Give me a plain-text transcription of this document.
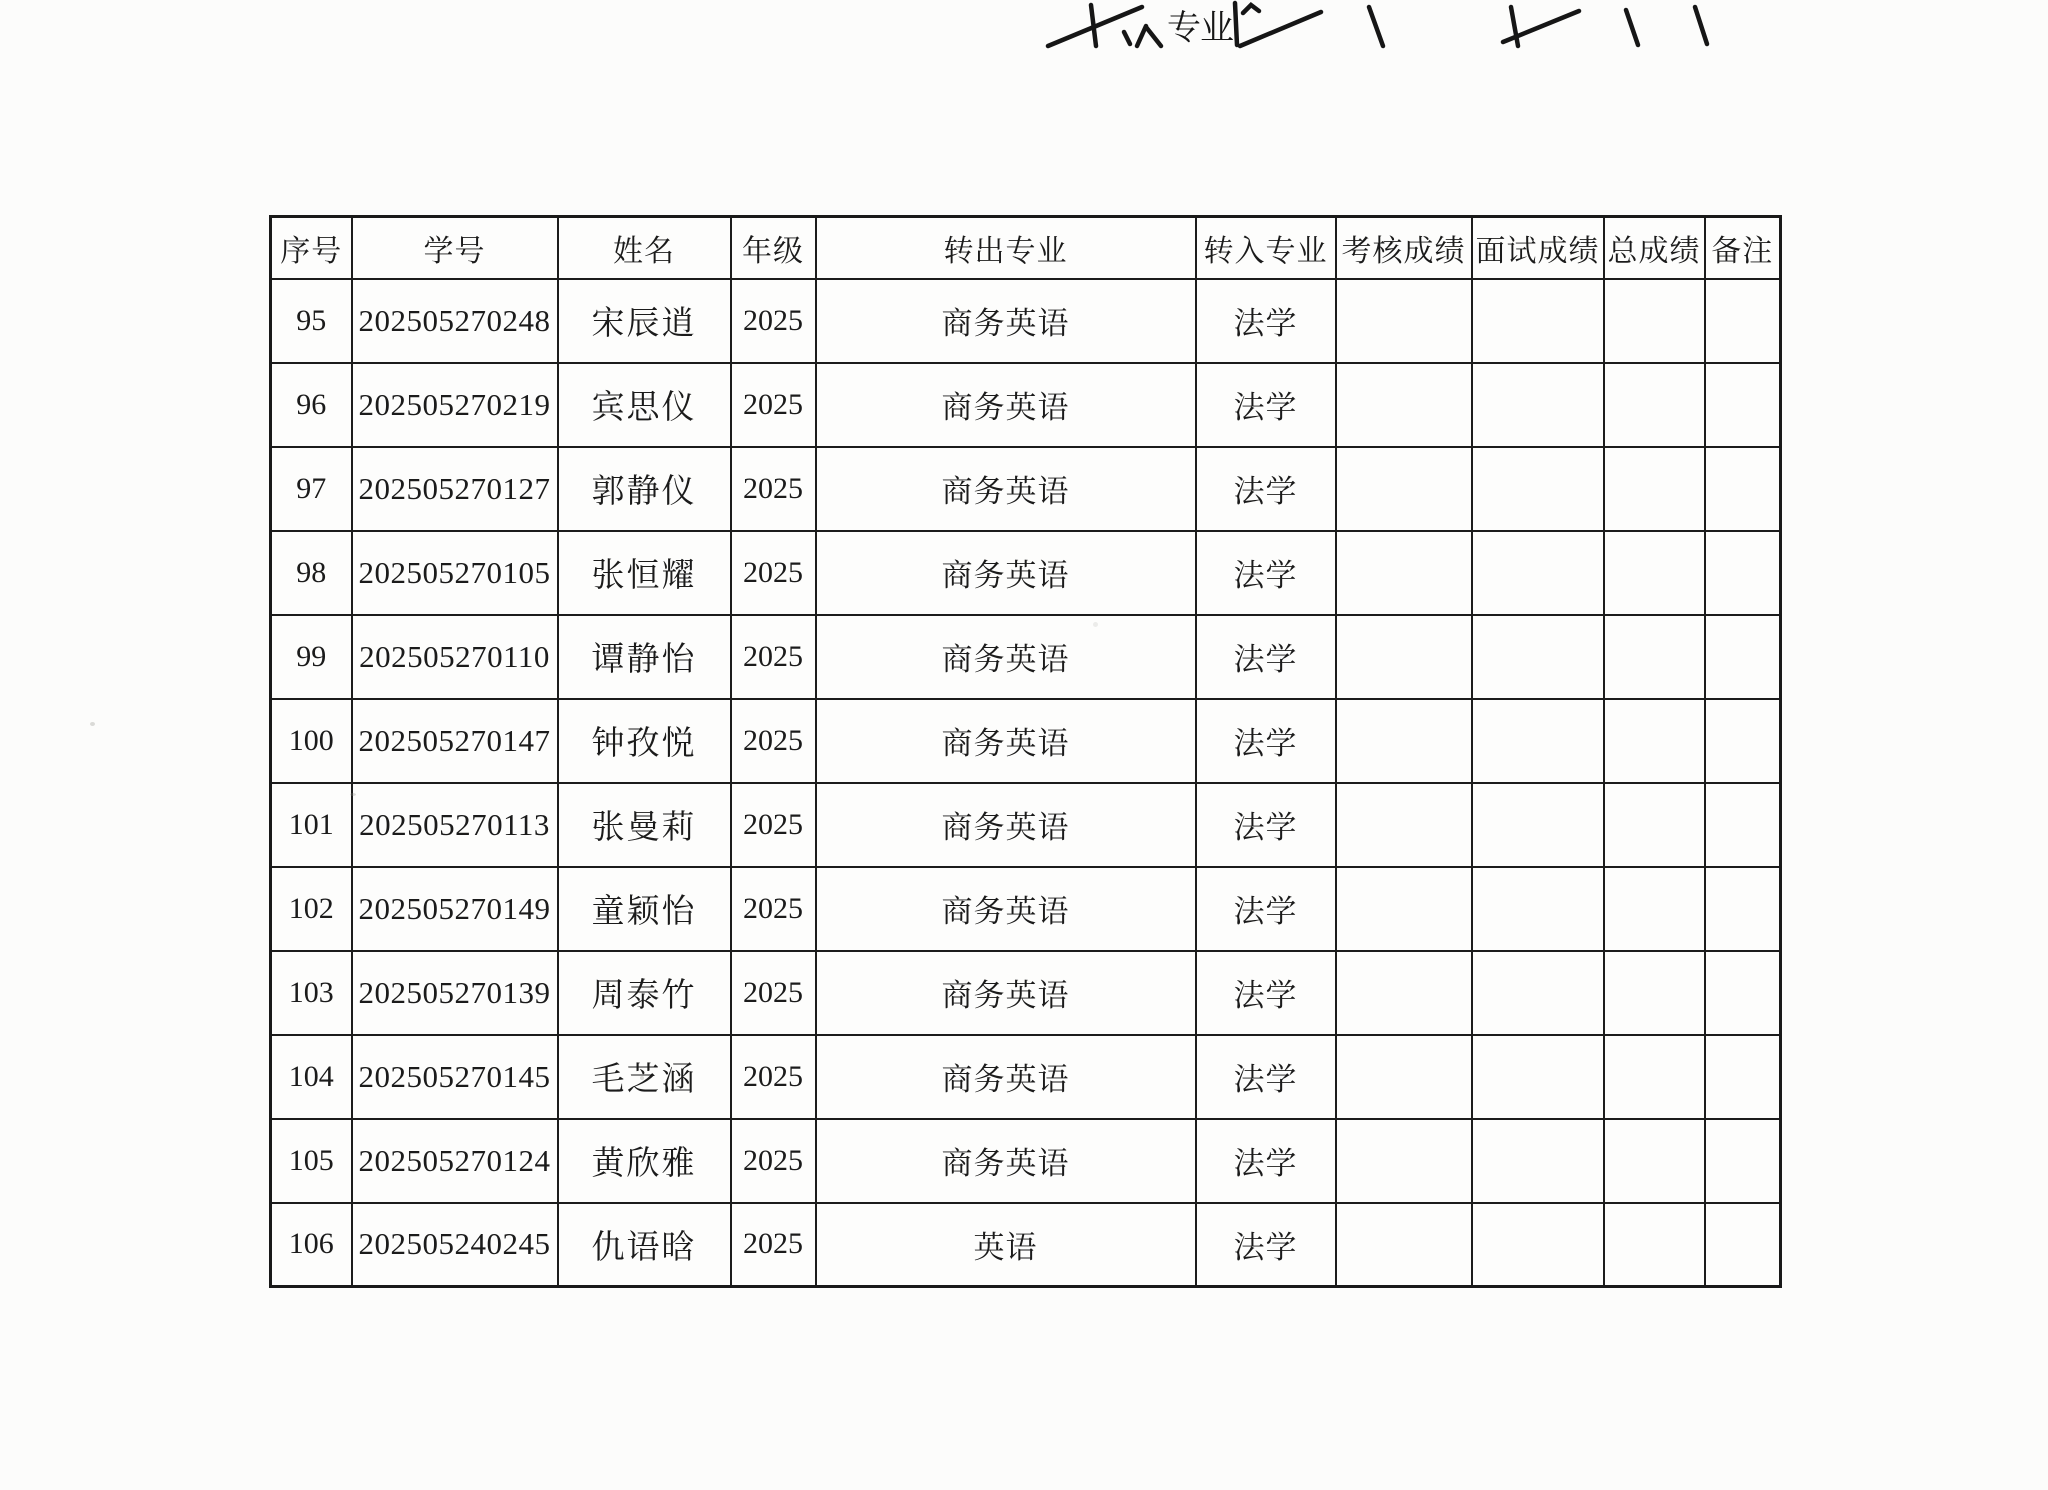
专业
序号	学号	姓名	年级	转出专业	转入专业	考核成绩	面试成绩	总成绩	备注
95	202505270248	宋辰逍	2025	商务英语	法学				
96	202505270219	宾思仪	2025	商务英语	法学				
97	202505270127	郭静仪	2025	商务英语	法学				
98	202505270105	张恒耀	2025	商务英语	法学				
99	202505270110	谭静怡	2025	商务英语	法学				
100	202505270147	钟孜悦	2025	商务英语	法学				
101	202505270113	张曼莉	2025	商务英语	法学				
102	202505270149	童颖怡	2025	商务英语	法学				
103	202505270139	周泰竹	2025	商务英语	法学				
104	202505270145	毛芝涵	2025	商务英语	法学				
105	202505270124	黄欣雅	2025	商务英语	法学				
106	202505240245	仇语晗	2025	英语	法学				
